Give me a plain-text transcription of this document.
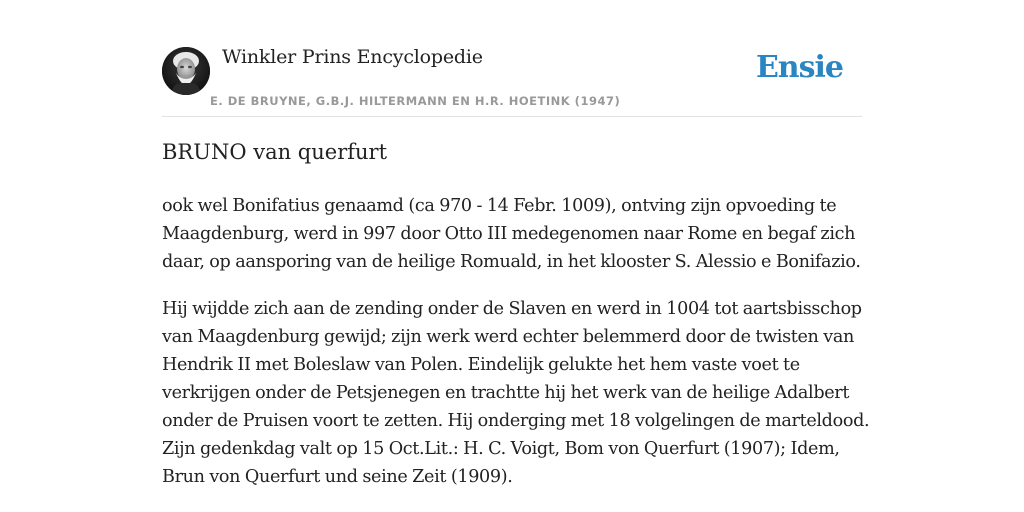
Winkler Prins Encyclopedie
E. DE BRUYNE, G.B.J. HILTERMANN EN H.R. HOETINK (1947)
Ensie
BRUNO van querfurt

ook wel Bonifatius genaamd (ca 970 - 14 Febr. 1009), ontving zijn opvoeding te
Maagdenburg, werd in 997 door Otto III medegenomen naar Rome en begaf zich
daar, op aansporing van de heilige Romuald, in het klooster S. Alessio e Bonifazio.

Hij wijdde zich aan de zending onder de Slaven en werd in 1004 tot aartsbisschop
van Maagdenburg gewijd; zijn werk werd echter belemmerd door de twisten van
Hendrik II met Boleslaw van Polen. Eindelijk gelukte het hem vaste voet te
verkrijgen onder de Petsjenegen en trachtte hij het werk van de heilige Adalbert
onder de Pruisen voort te zetten. Hij onderging met 18 volgelingen de marteldood.
Zijn gedenkdag valt op 15 Oct.Lit.: H. C. Voigt, Bom von Querfurt (1907); Idem,
Brun von Querfurt und seine Zeit (1909).
